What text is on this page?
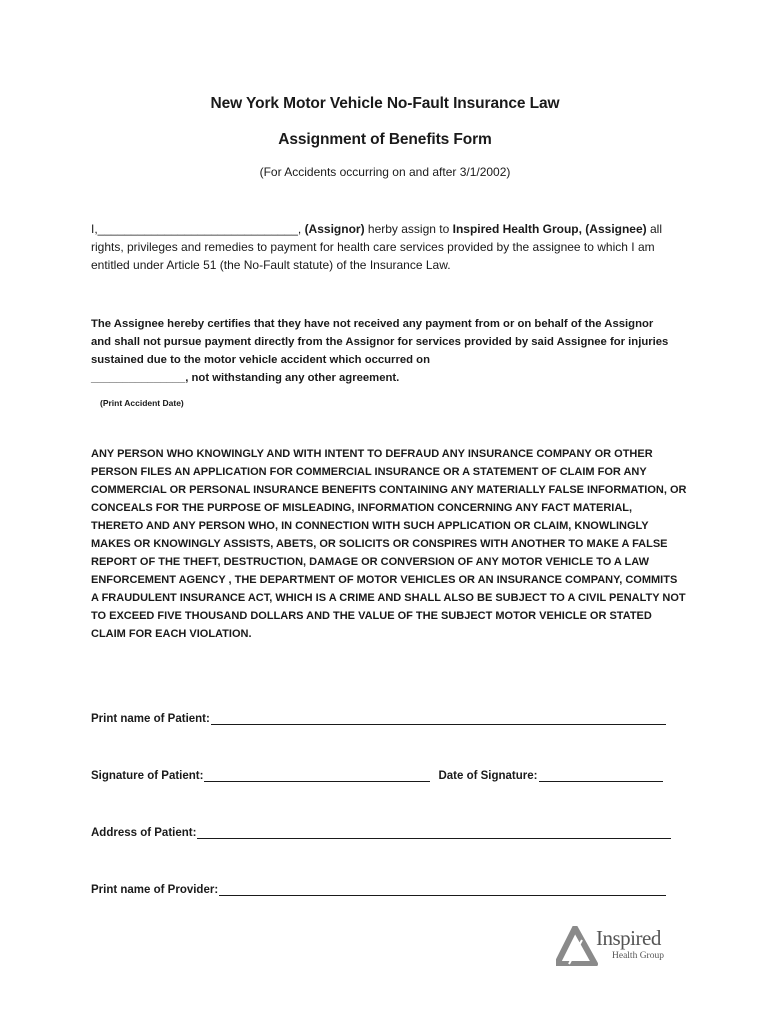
New York Motor Vehicle No-Fault Insurance Law
Assignment of Benefits Form
(For Accidents occurring on and after 3/1/2002)
I,______________________________, (Assignor) herby assign to Inspired Health Group, (Assignee) all rights, privileges and remedies to payment for health care services provided by the assignee to which I am entitled under Article 51 (the No-Fault statute) of the Insurance Law.
The Assignee hereby certifies that they have not received any payment from or on behalf of the Assignor and shall not pursue payment directly from the Assignor for services provided by said Assignee for injuries sustained due to the motor vehicle accident which occurred on
_______________, not withstanding any other agreement.
(Print Accident Date)
ANY PERSON WHO KNOWINGLY AND WITH INTENT TO DEFRAUD ANY INSURANCE COMPANY OR OTHER PERSON FILES AN APPLICATION FOR COMMERCIAL INSURANCE OR A STATEMENT OF CLAIM FOR ANY COMMERCIAL OR PERSONAL INSURANCE BENEFITS CONTAINING ANY MATERIALLY FALSE INFORMATION, OR CONCEALS FOR THE PURPOSE OF MISLEADING, INFORMATION CONCERNING ANY FACT MATERIAL, THERETO AND ANY PERSON WHO, IN CONNECTION WITH SUCH APPLICATION OR CLAIM, KNOWLINGLY MAKES OR KNOWINGLY ASSISTS, ABETS, OR SOLICITS OR CONSPIRES WITH ANOTHER TO MAKE A FALSE REPORT OF THE THEFT, DESTRUCTION, DAMAGE OR CONVERSION OF ANY MOTOR VEHICLE TO A LAW ENFORCEMENT AGENCY , THE DEPARTMENT OF MOTOR VEHICLES OR AN INSURANCE COMPANY, COMMITS A FRAUDULENT INSURANCE ACT, WHICH IS A CRIME AND SHALL ALSO BE SUBJECT TO A CIVIL PENALTY NOT TO EXCEED FIVE THOUSAND DOLLARS AND THE VALUE OF THE SUBJECT MOTOR VEHICLE OR STATED CLAIM FOR EACH VIOLATION.
Print name of Patient:
Signature of Patient:	Date of Signature:
Address of Patient:
Print name of Provider:
Inspired
Health Group
